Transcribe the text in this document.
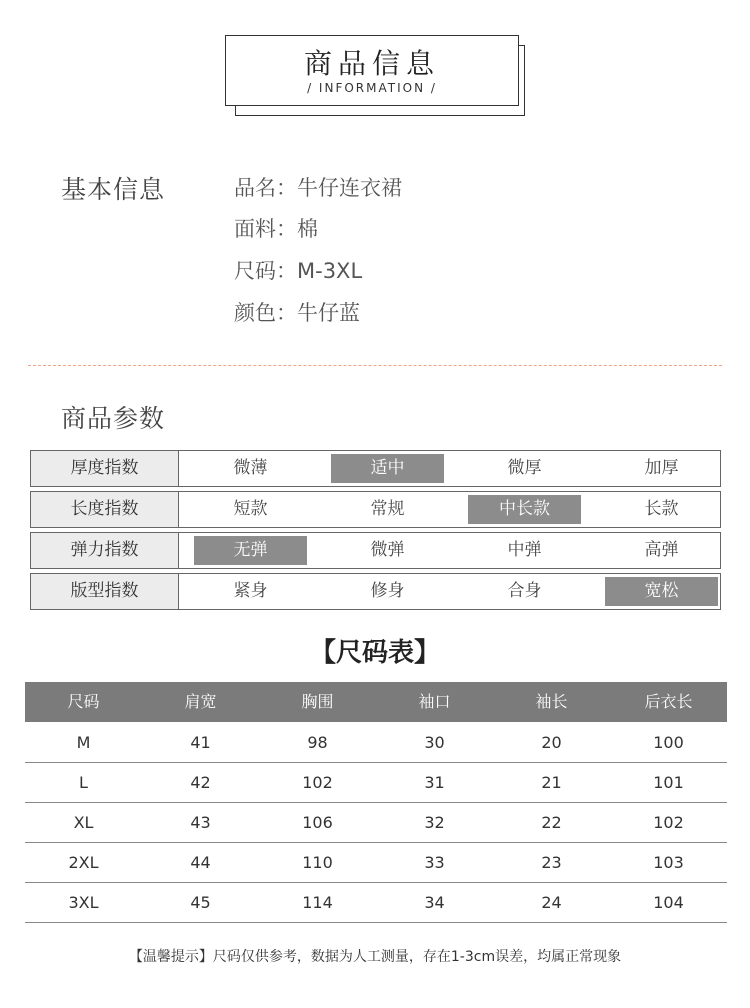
商品信息
/ INFORMATION /
基本信息	品名：牛仔连衣裙
面料：棉
尺码：M-3XL
颜色：牛仔蓝
商品参数
厚度指数	微薄	适中	微厚	加厚
长度指数	短款	常规	中长款	长款
弹力指数	无弹	微弹	中弹	高弹
版型指数	紧身	修身	合身	宽松
【尺码表】
尺码	肩宽	胸围	袖口	袖长	后衣长
M	41	98	30	20	100
L	42	102	31	21	101
XL	43	106	32	22	102
2XL	44	110	33	23	103
3XL	45	114	34	24	104
【温馨提示】尺码仅供参考，数据为人工测量，存在1-3cm误差，均属正常现象
